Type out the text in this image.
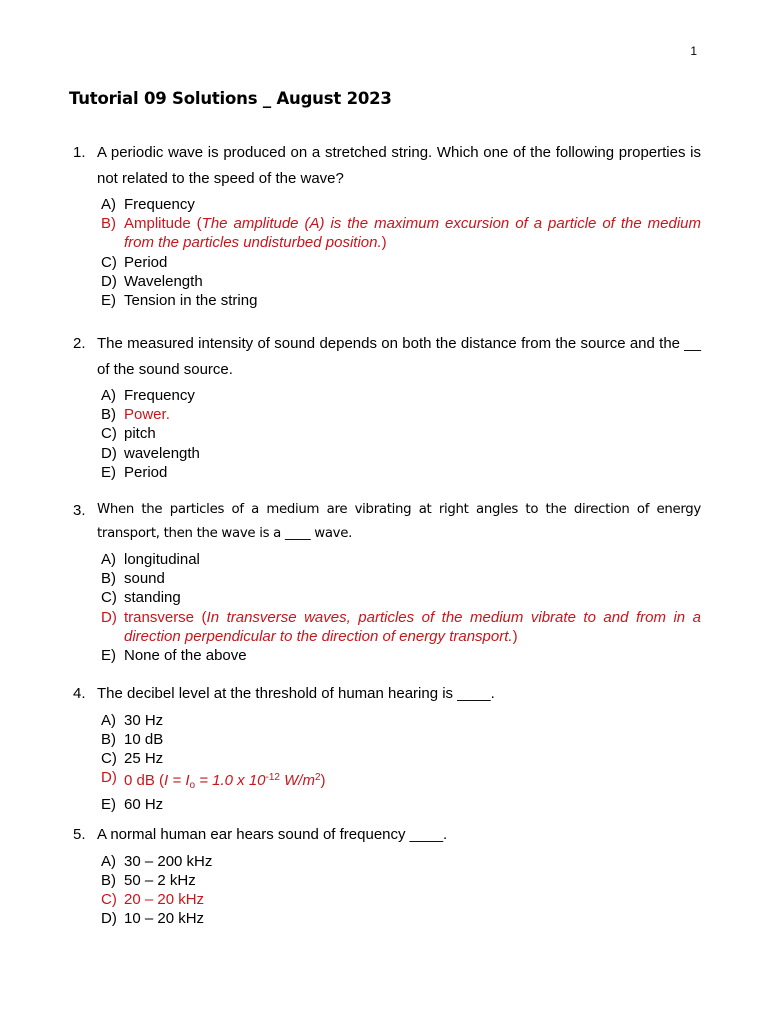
1
Tutorial 09 Solutions _ August 2023
1. A periodic wave is produced on a stretched string. Which one of the following properties is not related to the speed of the wave?
A) Frequency
B) Amplitude (The amplitude (A) is the maximum excursion of a particle of the medium from the particles undisturbed position.)
C) Period
D) Wavelength
E) Tension in the string
2. The measured intensity of sound depends on both the distance from the source and the __ of the sound source.
A) Frequency
B) Power.
C) pitch
D) wavelength
E) Period
3. When the particles of a medium are vibrating at right angles to the direction of energy transport, then the wave is a ____ wave.
A) longitudinal
B) sound
C) standing
D) transverse (In transverse waves, particles of the medium vibrate to and from in a direction perpendicular to the direction of energy transport.)
E) None of the above
4. The decibel level at the threshold of human hearing is ____.
A) 30 Hz
B) 10 dB
C) 25 Hz
D) 0 dB ($I = I_o = 1.0$ x $10^{-12}$ $W/m^2$)
E) 60 Hz
5. A normal human ear hears sound of frequency ____.
A) 30 – 200 kHz
B) 50 – 2 kHz
C) 20 – 20 kHz
D) 10 – 20 kHz
